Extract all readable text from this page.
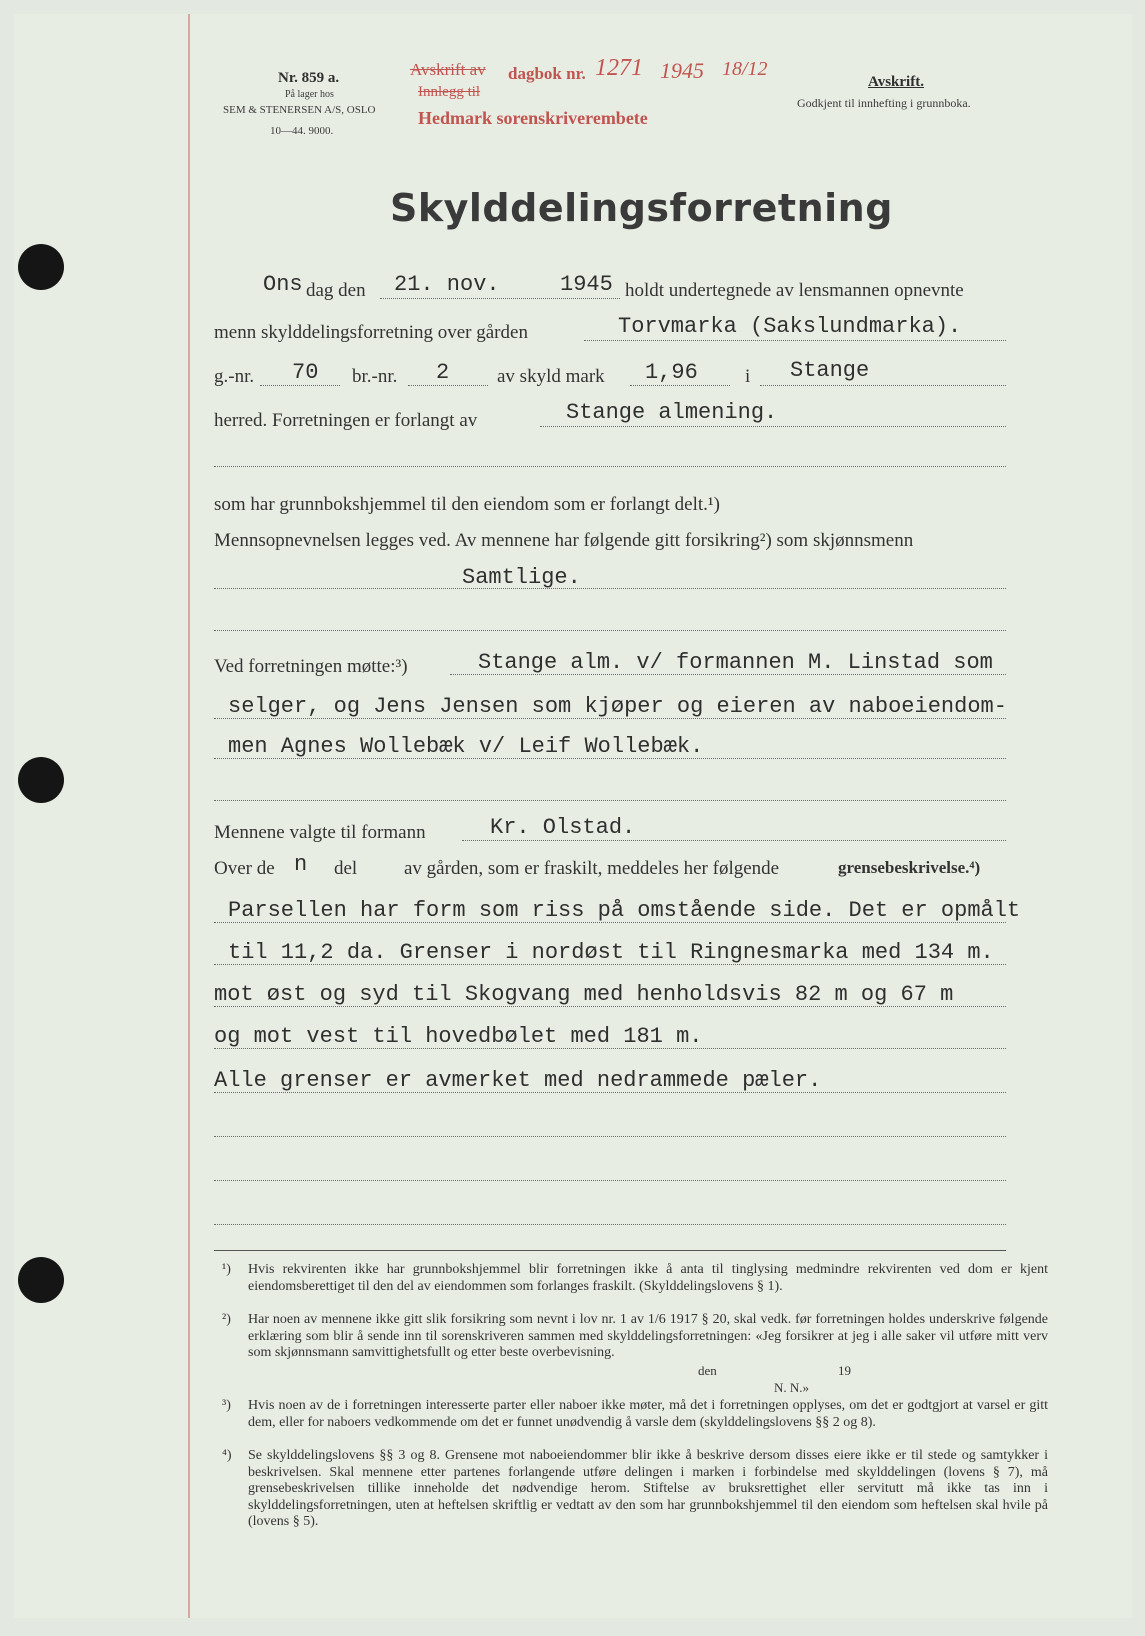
Nr. 859 a.
På lager hos
SEM & STENERSEN A/S, OSLO
10—44. 9000.
Avskrift av dagbok nr. 1271 1945 18/12
Innlegg til
Hedmark sorenskriverembete
Avskrift.
Godkjent til innhefting i grunnboka.
Skylddelingsforretning
Ons dag den 21. nov.	1945 holdt undertegnede av lensmannen opnevnte
menn skylddelingsforretning over gården	Torvmarka (Sakslundmarka).
g.-nr. 70 br.-nr. 2	av skyld mark 1,96 i Stange
herred. Forretningen er forlangt av	Stange almening.
som har grunnbokshjemmel til den eiendom som er forlangt delt.¹)
Mennsopnevnelsen legges ved. Av mennene har følgende gitt forsikring²) som skjønnsmenn
Samtlige.
Ved forretningen møtte:³)	Stange alm. v/ formannen M. Linstad som
selger, og Jens Jensen som kjøper og eieren av naboeiendom-
men Agnes Wollebæk v/ Leif Wollebæk.
Mennene valgte til formann	Kr. Olstad.
Over de n del av gården, som er fraskilt, meddeles her følgende	grensebeskrivelse.⁴)
Parsellen har form som riss på omstående side. Det er opmålt
til 11,2 da. Grenser i nordøst til Ringnesmarka med 134 m.
mot øst og syd til Skogvang med henholdsvis 82 m og 67 m
og mot vest til hovedbølet med 181 m.
Alle grenser er avmerket med nedrammede pæler.
¹) Hvis rekvirenten ikke har grunnbokshjemmel blir forretningen ikke å anta til tinglysing medmindre rekvirenten ved dom er kjent eiendomsberettiget til den del av eiendommen som forlanges fraskilt. (Skylddelingslovens § 1).
²) Har noen av mennene ikke gitt slik forsikring som nevnt i lov nr. 1 av 1/6 1917 § 20, skal vedk. før forretningen holdes underskrive følgende erklæring som blir å sende inn til sorenskriveren sammen med skylddelingsforretningen: «Jeg forsikrer at jeg i alle saker vil utføre mitt verv som skjønnsmann samvittighetsfullt og etter beste overbevisning.
den	19
N. N.»
³) Hvis noen av de i forretningen interesserte parter eller naboer ikke møter, må det i forretningen opplyses, om det er godtgjort at varsel er gitt dem, eller for naboers vedkommende om det er funnet unødvendig å varsle dem (skylddelingslovens §§ 2 og 8).
⁴) Se skylddelingslovens §§ 3 og 8. Grensene mot naboeiendommer blir ikke å beskrive dersom disses eiere ikke er til stede og samtykker i beskrivelsen. Skal mennene etter partenes forlangende utføre delingen i marken i forbindelse med skylddelingen (lovens § 7), må grensebeskrivelsen tillike inneholde det nødvendige herom. Stiftelse av bruksrettighet eller servitutt må ikke tas inn i skylddelingsforretningen, uten at heftelsen skriftlig er vedtatt av den som har grunnbokshjemmel til den eiendom som heftelsen skal hvile på (lovens § 5).
